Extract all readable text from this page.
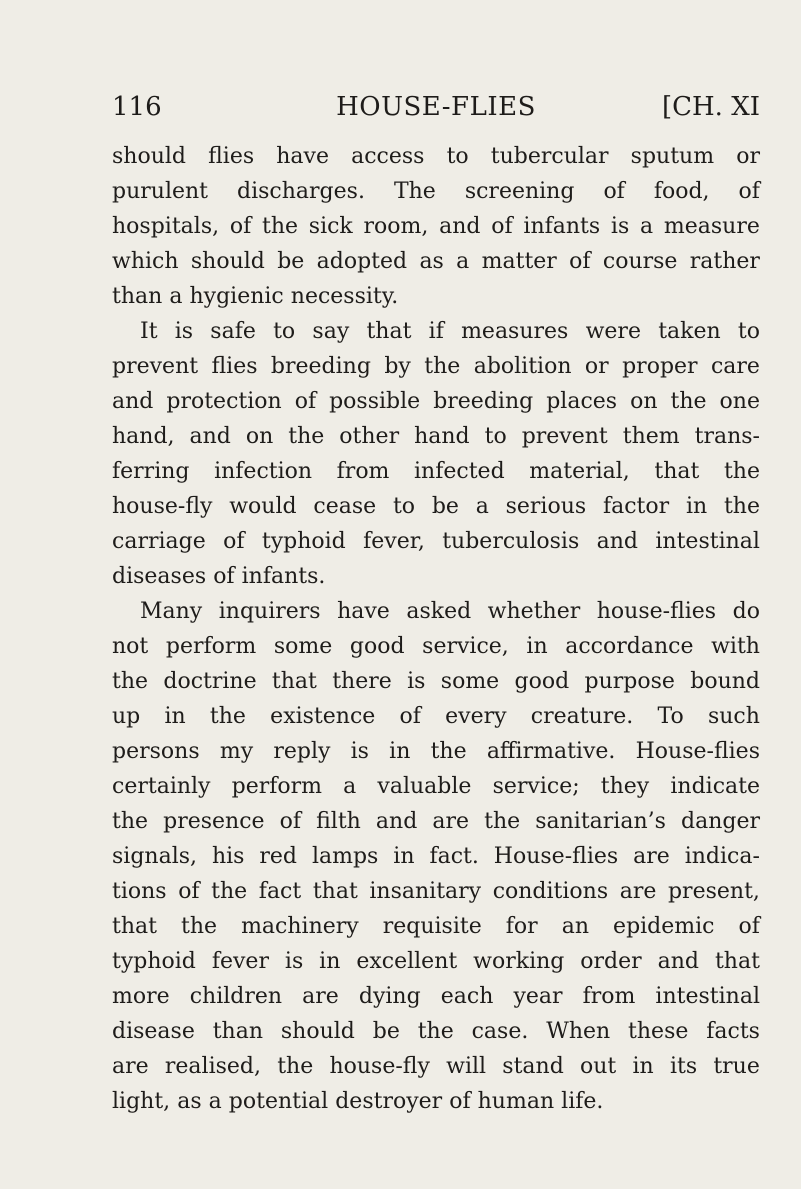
116	HOUSE-FLIES	[CH. XI
should flies have access to tubercular sputum or
purulent discharges. The screening of food, of
hospitals, of the sick room, and of infants is a measure
which should be adopted as a matter of course rather
than a hygienic necessity.
It is safe to say that if measures were taken to
prevent flies breeding by the abolition or proper care
and protection of possible breeding places on the one
hand, and on the other hand to prevent them trans-
ferring infection from infected material, that the
house-fly would cease to be a serious factor in the
carriage of typhoid fever, tuberculosis and intestinal
diseases of infants.
Many inquirers have asked whether house-flies do
not perform some good service, in accordance with
the doctrine that there is some good purpose bound
up in the existence of every creature. To such
persons my reply is in the affirmative. House-flies
certainly perform a valuable service; they indicate
the presence of filth and are the sanitarian’s danger
signals, his red lamps in fact. House-flies are indica-
tions of the fact that insanitary conditions are present,
that the machinery requisite for an epidemic of
typhoid fever is in excellent working order and that
more children are dying each year from intestinal
disease than should be the case. When these facts
are realised, the house-fly will stand out in its true
light, as a potential destroyer of human life.
